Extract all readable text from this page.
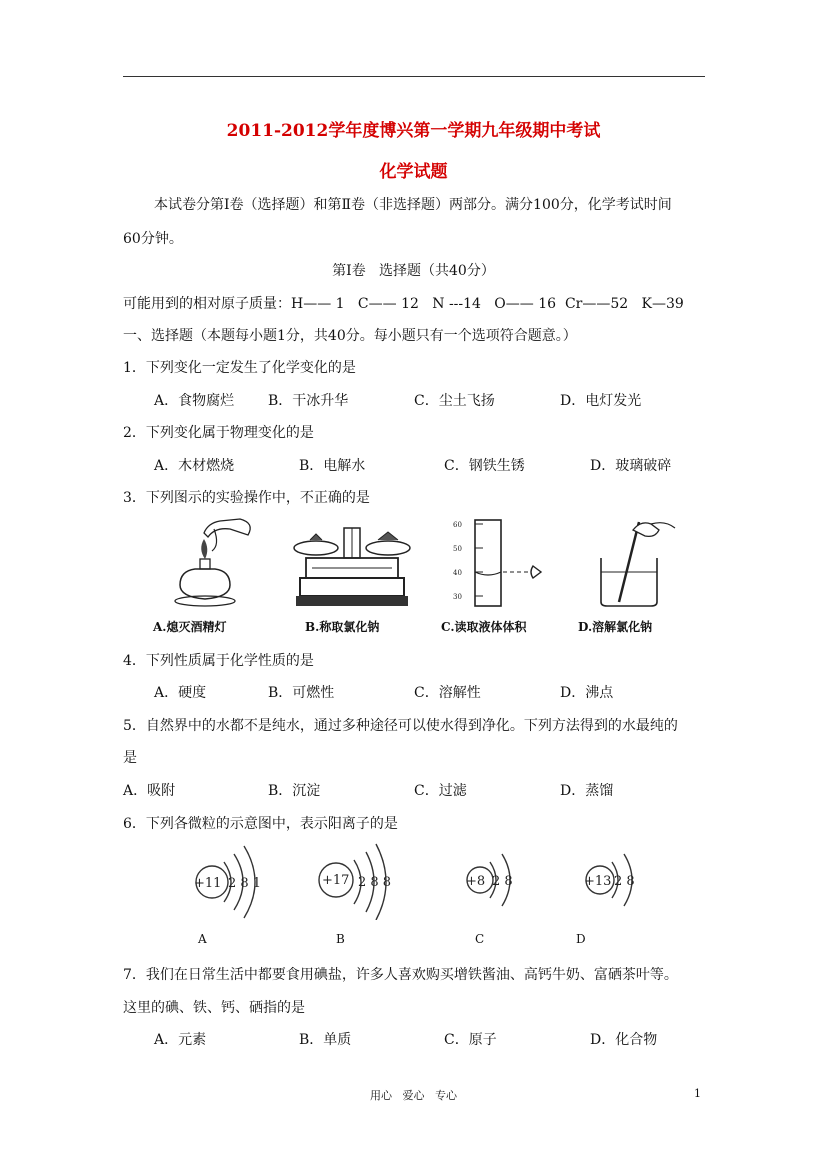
2011-2012学年度博兴第一学期九年级期中考试
化学试题
本试卷分第Ⅰ卷（选择题）和第Ⅱ卷（非选择题）两部分。满分100分，化学考试时间
60分钟。
第Ⅰ卷   选择题（共40分）
可能用到的相对原子质量：H—— 1   C—— 12   N ---14   O—— 16  Cr——52   K—39
一、选择题（本题每小题1分，共40分。每小题只有一个选项符合题意。）
1．下列变化一定发生了化学变化的是
A．食物腐烂 B．干冰升华	C．尘土飞扬	D．电灯发光
2．下列变化属于物理变化的是
A．木材燃烧	B．电解水	C．钢铁生锈	D．玻璃破碎
3．下列图示的实验操作中，不正确的是
A.熄灭酒精灯	B.称取氯化钠
60
50
40
30
C.读取液体体积	D.溶解氯化钠
4．下列性质属于化学性质的是
A．硬度	B．可燃性	C．溶解性	D．沸点
5．自然界中的水都不是纯水，通过多种途径可以使水得到净化。下列方法得到的水最纯的
是
A．吸附	B．沉淀	C．过滤	D．蒸馏
6．下列各微粒的示意图中，表示阳离子的是
+11 2 8 1
A
+17 2 8 8
B
+8 2 8
C
+13 2 8
D
7．我们在日常生活中都要食用碘盐，许多人喜欢购买增铁酱油、高钙牛奶、富硒茶叶等。
这里的碘、铁、钙、硒指的是
A．元素	B．单质	C．原子	D．化合物
用心   爱心   专心	1
